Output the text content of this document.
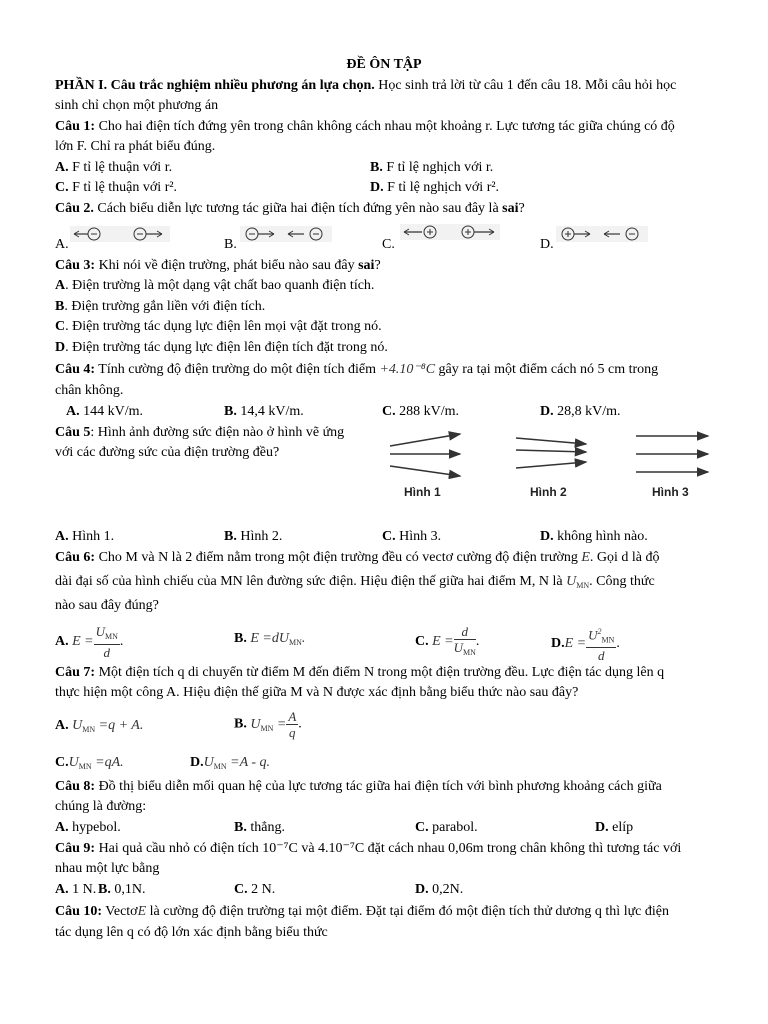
ĐỀ ÔN TẬP
PHẦN I. Câu trắc nghiệm nhiều phương án lựa chọn. Học sinh trả lời từ câu 1 đến câu 18. Mỗi câu hỏi học
sinh chỉ chọn một phương án
Câu 1: Cho hai điện tích đứng yên trong chân không cách nhau một khoảng r. Lực tương tác giữa chúng có độ
lớn F. Chỉ ra phát biểu đúng.
A. F tỉ lệ thuận với r.	B. F tỉ lệ nghịch với r.
C. F tỉ lệ thuận với r².	D. F tỉ lệ nghịch với r².
Câu 2. Cách biểu diễn lực tương tác giữa hai điện tích đứng yên nào sau đây là sai?
A.	B.	C.	D.
Câu 3: Khi nói về điện trường, phát biểu nào sau đây sai?
A. Điện trường là một dạng vật chất bao quanh điện tích.
B. Điện trường gắn liền với điện tích.
C. Điện trường tác dụng lực điện lên mọi vật đặt trong nó.
D. Điện trường tác dụng lực điện lên điện tích đặt trong nó.
Câu 4: Tính cường độ điện trường do một điện tích điểm +4.10⁻⁸C gây ra tại một điểm cách nó 5 cm trong
chân không.
A. 144 kV/m.	B. 14,4 kV/m.	C. 288 kV/m.	D. 28,8 kV/m.
Câu 5: Hình ảnh đường sức điện nào ở hình vẽ ứng
với các đường sức của điện trường đều?
Hình 1	Hình 2	Hình 3
A. Hình 1.	B. Hình 2.	C. Hình 3.	D. không hình nào.
Câu 6: Cho M và N là 2 điểm nằm trong một điện trường đều có vectơ cường độ điện trường E. Gọi d là độ
dài đại số của hình chiếu của MN lên đường sức điện. Hiệu điện thế giữa hai điểm M, N là $U_{MN}$. Công thức
nào sau đây đúng?
A. $E = \frac{U_{MN}}{d}$ .	B. $E =dU_{MN}$.	C. $E = \frac{d}{U_{MN}}$ .	$D.E = \frac{U^2_{MN}}{d}$ .
Câu 7: Một điện tích q di chuyển từ điểm M đến điểm N trong một điện trường đều. Lực điện tác dụng lên q
thực hiện một công A. Hiệu điện thế giữa M và N được xác định bằng biểu thức nào sau đây?
A. $U_{MN} =q + A$.	B. $U_{MN} = \frac{A}{q}$ .
$C.U_{MN} =qA$.	$D.U_{MN} =A - q$.
Câu 8: Đồ thị biểu diễn mối quan hệ của lực tương tác giữa hai điện tích với bình phương khoảng cách giữa
chúng là đường:
A. hypebol.	B. thẳng.	C. parabol.	D. elíp
Câu 9: Hai quả cầu nhỏ có điện tích 10⁻⁷C và 4.10⁻⁷C đặt cách nhau 0,06m trong chân không thì tương tác với
nhau một lực bằng
A. 1 N. B. 0,1N.	C. 2 N.	D. 0,2N.
Câu 10: VectơE là cường độ điện trường tại một điểm. Đặt tại điểm đó một điện tích thử dương q thì lực điện
tác dụng lên q có độ lớn xác định bằng biểu thức
